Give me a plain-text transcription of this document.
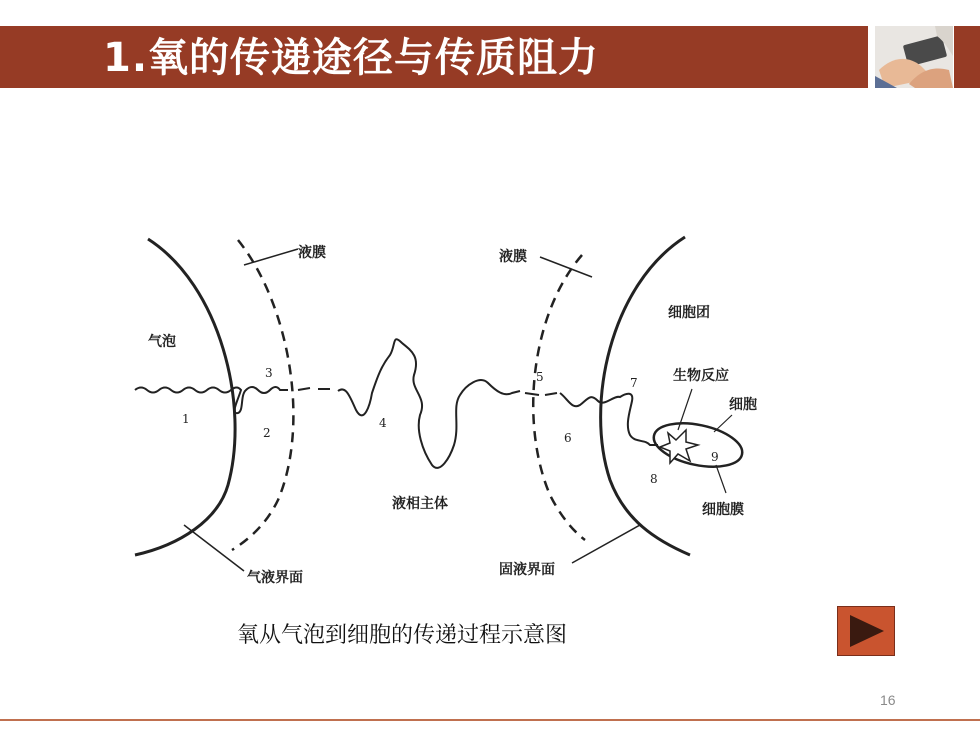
1.氧的传递途径与传质阻力
液膜	液膜
气泡
细胞团
生物反应
细胞
液相主体	细胞膜
气液界面	固液界面
1
2
3
4
5
6
7
8
9
氧从气泡到细胞的传递过程示意图
16
